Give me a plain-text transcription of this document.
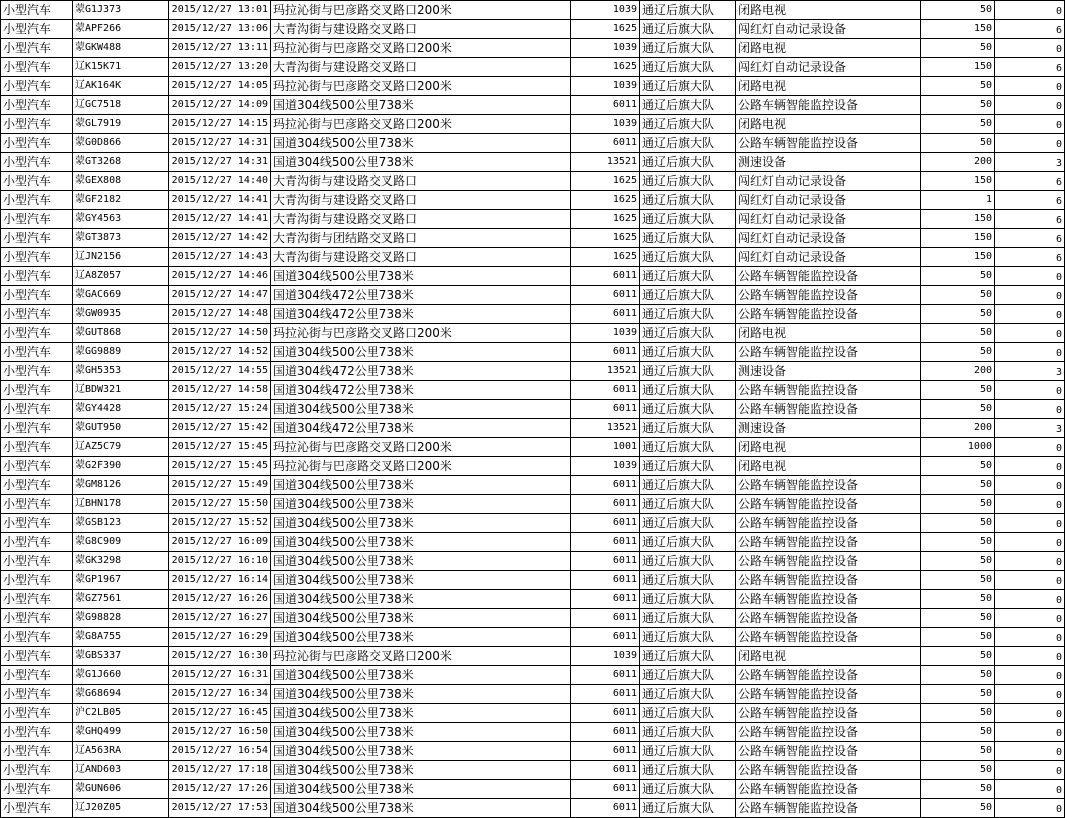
小型汽车	蒙G1J373	2015/12/27 13:01	玛拉沁街与巴彦路交叉路口200米	1039	通辽后旗大队	闭路电视	50	0
小型汽车	蒙APF266	2015/12/27 13:06	大青沟街与建设路交叉路口	1625	通辽后旗大队	闯红灯自动记录设备	150	6
小型汽车	蒙GKW488	2015/12/27 13:11	玛拉沁街与巴彦路交叉路口200米	1039	通辽后旗大队	闭路电视	50	0
小型汽车	辽K15K71	2015/12/27 13:20	大青沟街与建设路交叉路口	1625	通辽后旗大队	闯红灯自动记录设备	150	6
小型汽车	辽AK164K	2015/12/27 14:05	玛拉沁街与巴彦路交叉路口200米	1039	通辽后旗大队	闭路电视	50	0
小型汽车	辽GC7518	2015/12/27 14:09	国道304线500公里738米	6011	通辽后旗大队	公路车辆智能监控设备	50	0
小型汽车	蒙GL7919	2015/12/27 14:15	玛拉沁街与巴彦路交叉路口200米	1039	通辽后旗大队	闭路电视	50	0
小型汽车	蒙G0D866	2015/12/27 14:31	国道304线500公里738米	6011	通辽后旗大队	公路车辆智能监控设备	50	0
小型汽车	蒙GT3268	2015/12/27 14:31	国道304线500公里738米	13521	通辽后旗大队	测速设备	200	3
小型汽车	蒙GEX808	2015/12/27 14:40	大青沟街与建设路交叉路口	1625	通辽后旗大队	闯红灯自动记录设备	150	6
小型汽车	蒙GF2182	2015/12/27 14:41	大青沟街与建设路交叉路口	1625	通辽后旗大队	闯红灯自动记录设备	1	6
小型汽车	蒙GY4563	2015/12/27 14:41	大青沟街与建设路交叉路口	1625	通辽后旗大队	闯红灯自动记录设备	150	6
小型汽车	蒙GT3873	2015/12/27 14:42	大青沟街与团结路交叉路口	1625	通辽后旗大队	闯红灯自动记录设备	150	6
小型汽车	辽JN2156	2015/12/27 14:43	大青沟街与建设路交叉路口	1625	通辽后旗大队	闯红灯自动记录设备	150	6
小型汽车	辽A8Z057	2015/12/27 14:46	国道304线500公里738米	6011	通辽后旗大队	公路车辆智能监控设备	50	0
小型汽车	蒙GAC669	2015/12/27 14:47	国道304线472公里738米	6011	通辽后旗大队	公路车辆智能监控设备	50	0
小型汽车	蒙GW0935	2015/12/27 14:48	国道304线472公里738米	6011	通辽后旗大队	公路车辆智能监控设备	50	0
小型汽车	蒙GUT868	2015/12/27 14:50	玛拉沁街与巴彦路交叉路口200米	1039	通辽后旗大队	闭路电视	50	0
小型汽车	蒙GG9889	2015/12/27 14:52	国道304线500公里738米	6011	通辽后旗大队	公路车辆智能监控设备	50	0
小型汽车	蒙GH5353	2015/12/27 14:55	国道304线472公里738米	13521	通辽后旗大队	测速设备	200	3
小型汽车	辽BDW321	2015/12/27 14:58	国道304线472公里738米	6011	通辽后旗大队	公路车辆智能监控设备	50	0
小型汽车	蒙GY4428	2015/12/27 15:24	国道304线500公里738米	6011	通辽后旗大队	公路车辆智能监控设备	50	0
小型汽车	蒙GUT950	2015/12/27 15:42	国道304线472公里738米	13521	通辽后旗大队	测速设备	200	3
小型汽车	辽AZ5C79	2015/12/27 15:45	玛拉沁街与巴彦路交叉路口200米	1001	通辽后旗大队	闭路电视	1000	0
小型汽车	蒙G2F390	2015/12/27 15:45	玛拉沁街与巴彦路交叉路口200米	1039	通辽后旗大队	闭路电视	50	0
小型汽车	蒙GM8126	2015/12/27 15:49	国道304线500公里738米	6011	通辽后旗大队	公路车辆智能监控设备	50	0
小型汽车	辽BHN178	2015/12/27 15:50	国道304线500公里738米	6011	通辽后旗大队	公路车辆智能监控设备	50	0
小型汽车	蒙GSB123	2015/12/27 15:52	国道304线500公里738米	6011	通辽后旗大队	公路车辆智能监控设备	50	0
小型汽车	蒙G8C909	2015/12/27 16:09	国道304线500公里738米	6011	通辽后旗大队	公路车辆智能监控设备	50	0
小型汽车	蒙GK3298	2015/12/27 16:10	国道304线500公里738米	6011	通辽后旗大队	公路车辆智能监控设备	50	0
小型汽车	蒙GP1967	2015/12/27 16:14	国道304线500公里738米	6011	通辽后旗大队	公路车辆智能监控设备	50	0
小型汽车	蒙GZ7561	2015/12/27 16:26	国道304线500公里738米	6011	通辽后旗大队	公路车辆智能监控设备	50	0
小型汽车	蒙G98828	2015/12/27 16:27	国道304线500公里738米	6011	通辽后旗大队	公路车辆智能监控设备	50	0
小型汽车	蒙G8A755	2015/12/27 16:29	国道304线500公里738米	6011	通辽后旗大队	公路车辆智能监控设备	50	0
小型汽车	蒙GBS337	2015/12/27 16:30	玛拉沁街与巴彦路交叉路口200米	1039	通辽后旗大队	闭路电视	50	0
小型汽车	蒙G1J660	2015/12/27 16:31	国道304线500公里738米	6011	通辽后旗大队	公路车辆智能监控设备	50	0
小型汽车	蒙G68694	2015/12/27 16:34	国道304线500公里738米	6011	通辽后旗大队	公路车辆智能监控设备	50	0
小型汽车	沪C2LB05	2015/12/27 16:45	国道304线500公里738米	6011	通辽后旗大队	公路车辆智能监控设备	50	0
小型汽车	蒙GHQ499	2015/12/27 16:50	国道304线500公里738米	6011	通辽后旗大队	公路车辆智能监控设备	50	0
小型汽车	辽A563RA	2015/12/27 16:54	国道304线500公里738米	6011	通辽后旗大队	公路车辆智能监控设备	50	0
小型汽车	辽AND603	2015/12/27 17:18	国道304线500公里738米	6011	通辽后旗大队	公路车辆智能监控设备	50	0
小型汽车	蒙GUN606	2015/12/27 17:26	国道304线500公里738米	6011	通辽后旗大队	公路车辆智能监控设备	50	0
小型汽车	辽J20Z05	2015/12/27 17:53	国道304线500公里738米	6011	通辽后旗大队	公路车辆智能监控设备	50	0
